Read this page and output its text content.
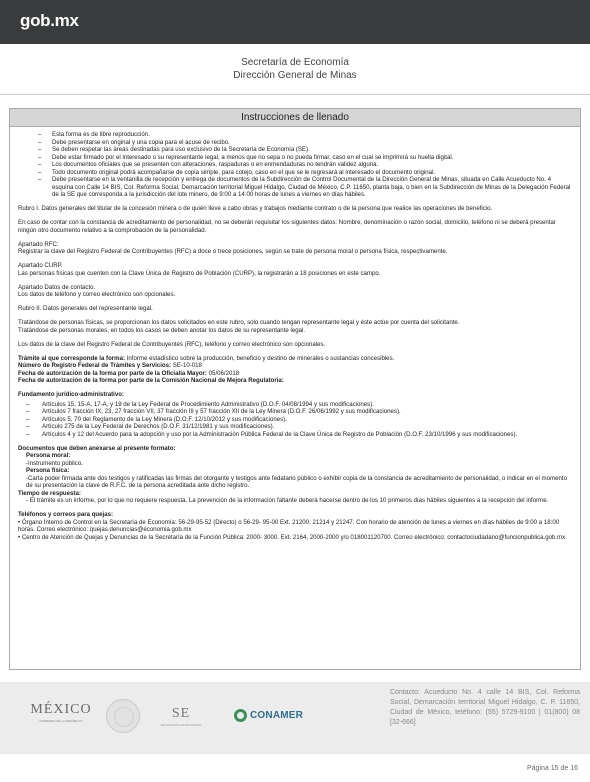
gob.mx
Secretaría de Economía
Dirección General de Minas
Instrucciones de llenado
– Esta forma es de libre reproducción.
– Debe presentarse en original y una copia para el acuse de recibo.
– Se deben respetar las áreas destinadas para uso exclusivo de la Secretaría de Economía (SE).
– Debe estar firmado por el interesado o su representante legal, a menos que no sepa o no pueda firmar, caso en el cual se imprimirá su huella digital.
– Los documentos oficiales que se presenten con alteraciones, raspaduras o en enmendaduras no tendrán validez alguna.
– Todo documento original podrá acompañarse de copia simple, para cotejo, caso en el que se le regresará al interesado el documento original.
– Debe presentarse en la ventanilla de recepción y entrega de documentos de la Subdirección de Control Documental de la Dirección General de Minas, situada en Calle Acueducto No. 4 esquina con Calle 14 BIS, Col. Reforma Social, Demarcación territorial Miguel Hidalgo, Ciudad de México, C.P. 11650, planta baja, o bien en la Subdirección de Minas de la Delegación Federal de la SE que corresponda a la jurisdicción del lote minero, de 9:00 a 14:00 horas de lunes a viernes en días hábiles.
Rubro I. Datos generales del titular de la concesión minera o de quién lleve a cabo obras y trabajos mediante contrato o de la persona que realice las operaciones de beneficio.
En caso de contar con la constancia de acreditamiento de personalidad, no se deberán requisitar los siguientes datos: Nombre, denominación o razón social, domicilio, teléfono ni se deberá presentar ningún otro documento relativo a la comprobación de la personalidad.
Apartado RFC:
Registrar la clave del Registro Federal de Contribuyentes (RFC) a doce o trece posiciones, según se trate de persona moral o persona física, respectivamente.
Apartado CURP.
Las personas físicas que cuenten con la Clave Única de Registro de Población (CURP), la registrarán a 18 posiciones en este campo.
Apartado Datos de contacto.
Los datos de teléfono y correo electrónico son opcionales.
Rubro II. Datos generales del representante legal.
Tratándose de personas físicas, se proporcionan los datos solicitados en este rubro, solo cuando tengan representante legal y éste actúe por cuenta del solicitante.
Tratándose de personas morales, en todos los casos se deben anotar los datos de su representante legal.
Los datos de la clave del Registro Federal de Contribuyentes (RFC), teléfono y correo electrónico son opcionales.
Trámite al que corresponde la forma: Informe estadístico sobre la producción, beneficio y destino de minerales o sustancias concesibles.
Número de Registro Federal de Trámites y Servicios: SE-10-018
Fecha de autorización de la forma por parte de la Oficialía Mayor: 05/06/2018
Fecha de autorización de la forma por parte de la Comisión Nacional de Mejora Regulatoria:
Fundamento jurídico-administrativo:
– Artículos 15, 15-A, 17-A, y 19 de la Ley Federal de Procedimiento Administrativo (D.O.F. 04/08/1994 y sus modificaciones).
– Artículos 7 fracción IX, 23, 27 fracción VII, 37 fracción III y 57 fracción XII de la Ley Minera (D.O.F. 26/06/1992 y sus modificaciones).
– Artículos 5, 70 del Reglamento de la Ley Minera (D.O.F. 12/10/2012 y sus modificaciones).
– Artículo 275 de la Ley Federal de Derechos (D.O.F. 31/12/1981 y sus modificaciones).
– Artículos 4 y 12 del Acuerdo para la adopción y uso por la Administración Pública Federal de la Clave Única de Registro de Población (D.O.F. 23/10/1996 y sus modificaciones).
Documentos que deben anexarse al presente formato:
Persona moral:
-Instrumento público.
Persona física:
-Carta poder firmada ante dos testigos y ratificadas las firmas del otorgante y testigos ante fedatario público o exhibir copia de la constancia de acreditamiento de personalidad, o indicar en el momento de su presentación la clave de R.F.C. de la persona acreditada ante dicho registro.
Tiempo de respuesta:
- El trámite es un informe, por lo que no requiere respuesta. La prevención de la información faltante deberá hacerse dentro de los 10 primeros días hábiles siguientes a la recepción del informe.
Teléfonos y correos para quejas:
• Órgano Interno de Control en la Secretaría de Economía: 56-29-95-52 (Directo) o 56-29- 95-00 Ext. 21200, 21214 y 21247. Con horario de atención de lunes a viernes en días hábiles de 9:00 a 18:00 horas. Correo electrónico: quejas.denuncias@economia.gob.mx
• Centro de Atención de Quejas y Denuncias de la Secretaría de la Función Pública: 2000- 3000. Ext. 2164, 2000-2000 y/o 018001120700. Correo electrónico: contactociudadano@funcionpublica.gob.mx
MÉXICO
GOBIERNO DE LA REPÚBLICA	SE
SECRETARÍA DE ECONOMÍA
CONAMER
Contacto: Acueducto No. 4 calle 14 BIS, Col. Reforma Social, Demarcación territorial Miguel Hidalgo, C. P. 11650, Ciudad de México, teléfono: (55) 5729-9100 | 01(800) 08 [32-666]
Página 15 de 16
